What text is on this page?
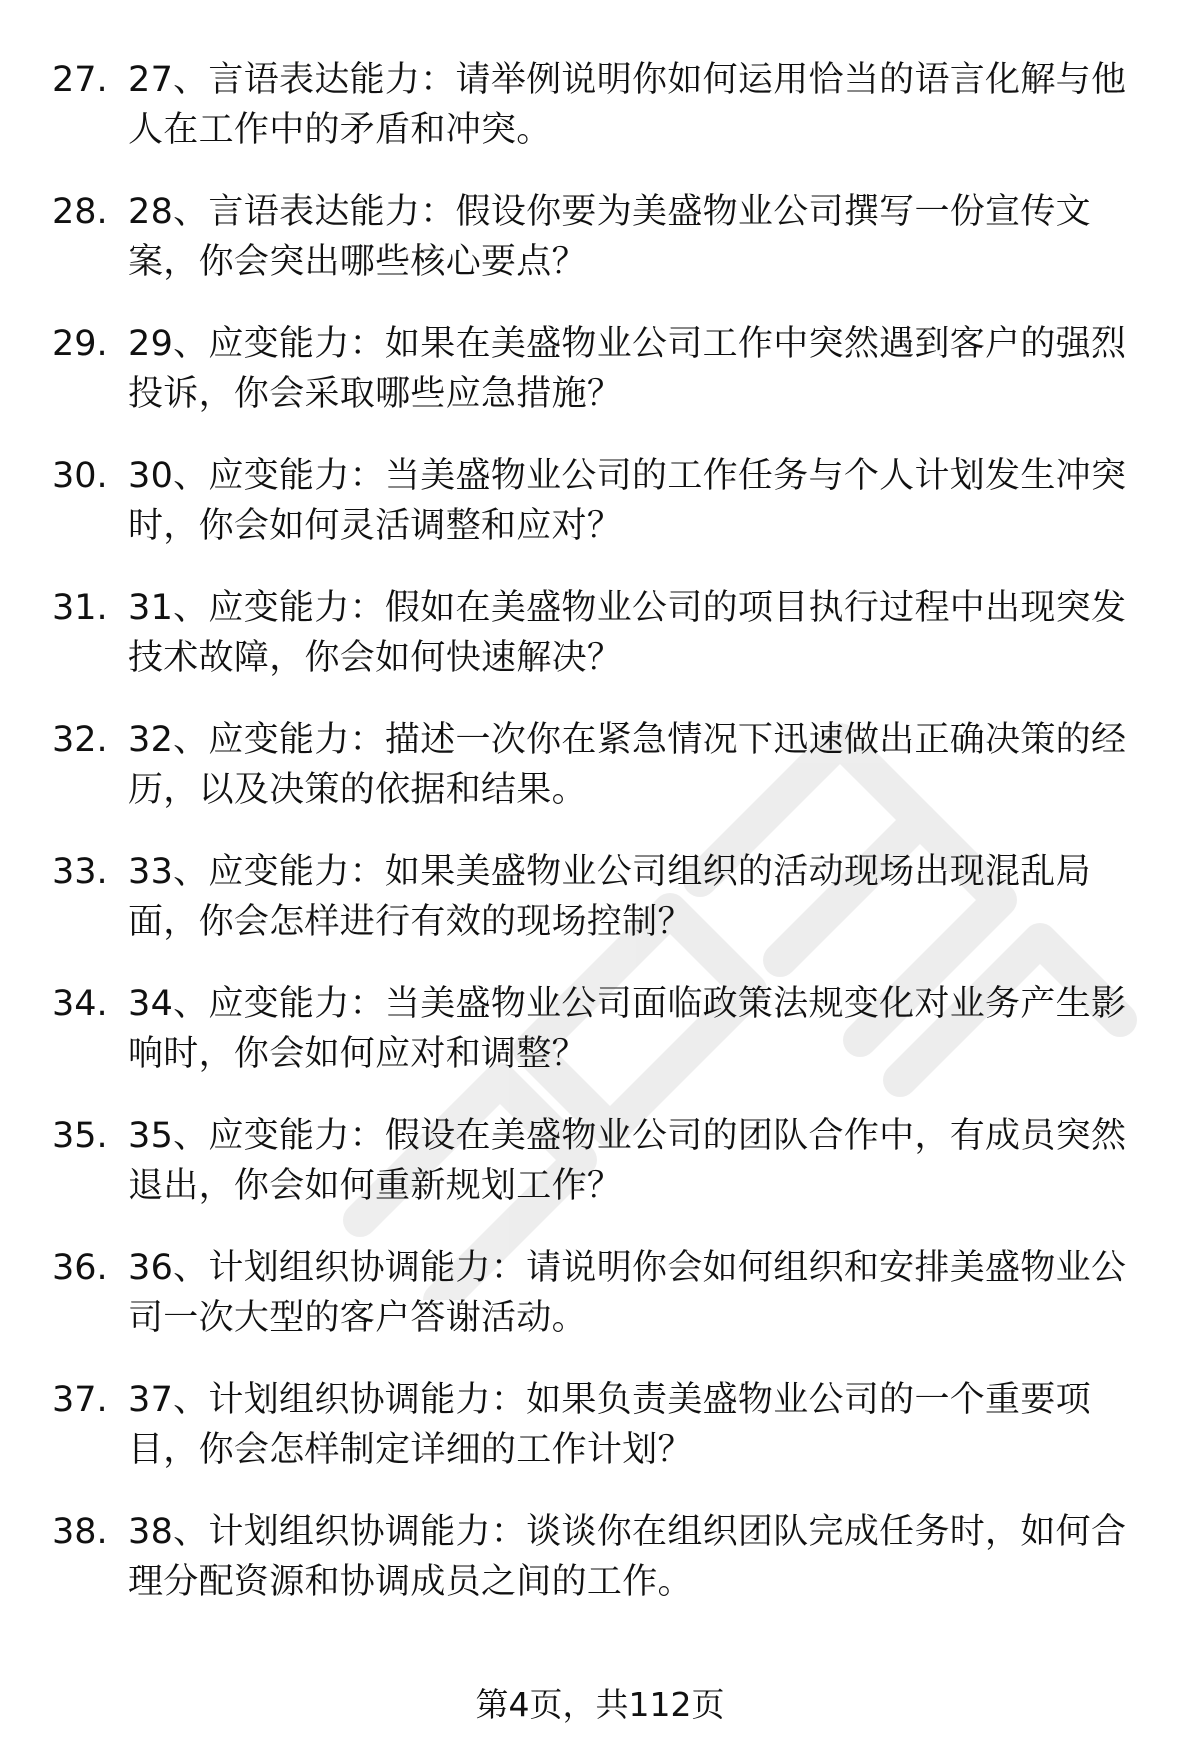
27. 27、言语表达能力：请举例说明你如何运用恰当的语言化解与他人在工作中的矛盾和冲突。
28. 28、言语表达能力：假设你要为美盛物业公司撰写一份宣传文案，你会突出哪些核心要点？
29. 29、应变能力：如果在美盛物业公司工作中突然遇到客户的强烈投诉，你会采取哪些应急措施？
30. 30、应变能力：当美盛物业公司的工作任务与个人计划发生冲突时，你会如何灵活调整和应对？
31. 31、应变能力：假如在美盛物业公司的项目执行过程中出现突发技术故障，你会如何快速解决？
32. 32、应变能力：描述一次你在紧急情况下迅速做出正确决策的经历，以及决策的依据和结果。
33. 33、应变能力：如果美盛物业公司组织的活动现场出现混乱局面，你会怎样进行有效的现场控制？
34. 34、应变能力：当美盛物业公司面临政策法规变化对业务产生影响时，你会如何应对和调整？
35. 35、应变能力：假设在美盛物业公司的团队合作中，有成员突然退出，你会如何重新规划工作？
36. 36、计划组织协调能力：请说明你会如何组织和安排美盛物业公司一次大型的客户答谢活动。
37. 37、计划组织协调能力：如果负责美盛物业公司的一个重要项目，你会怎样制定详细的工作计划？
38. 38、计划组织协调能力：谈谈你在组织团队完成任务时，如何合理分配资源和协调成员之间的工作。
第4页，共112页
